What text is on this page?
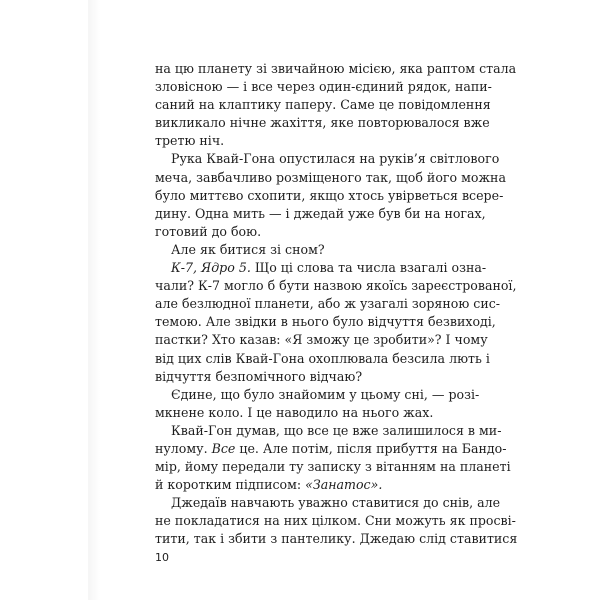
на цю планету зі звичайною місією, яка раптом стала
зловісною — і все через один-єдиний рядок, напи-
саний на клаптику паперу. Саме це повідомлення
викликало нічне жахіття, яке повторювалося вже
третю ніч.
Рука Квай-Гона опустилася на руків’я світлового
меча, завбачливо розміщеного так, щоб його можна
було миттєво схопити, якщо хтось увірветься всере-
дину. Одна мить — і джедай уже був би на ногах,
готовий до бою.
Але як битися зі сном?
К-7, Ядро 5. Що ці слова та числа взагалі озна-
чали? К-7 могло б бути назвою якоїсь зареєстрованої,
але безлюдної планети, або ж узагалі зоряною сис-
темою. Але звідки в нього було відчуття безвиході,
пастки? Хто казав: «Я зможу це зробити»? І чому
від цих слів Квай-Гона охоплювала безсила лють і
відчуття безпомічного відчаю?
Єдине, що було знайомим у цьому сні, — розі-
мкнене коло. І це наводило на нього жах.
Квай-Гон думав, що все це вже залишилося в ми-
нулому. Все це. Але потім, після прибуття на Бандо-
мір, йому передали ту записку з вітанням на планеті
й коротким підписом: «Занатос».
Джедаїв навчають уважно ставитися до снів, але
не покладатися на них цілком. Сни можуть як просві-
тити, так і збити з пантелику. Джедаю слід ставитися
10
